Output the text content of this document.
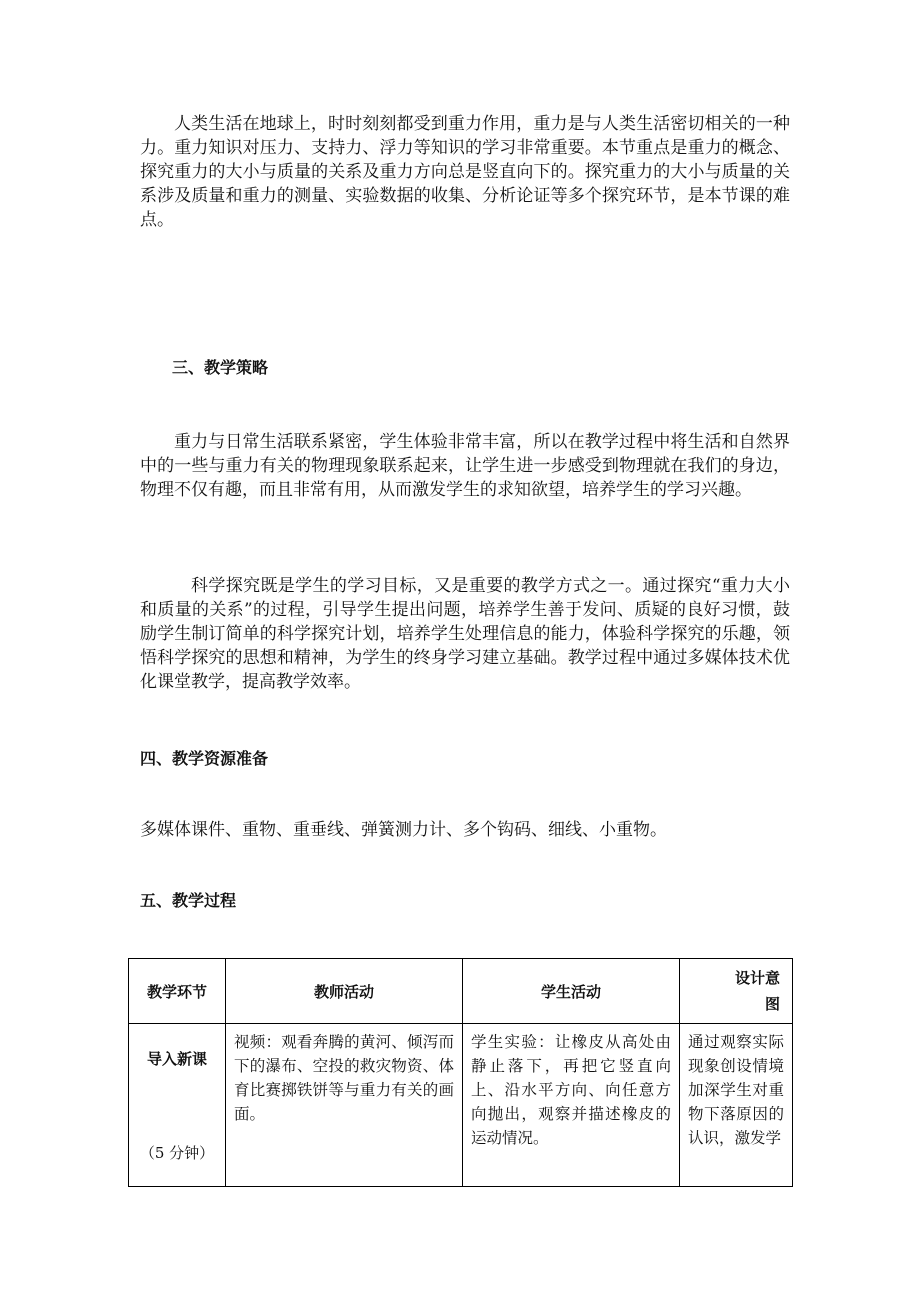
人类生活在地球上，时时刻刻都受到重力作用，重力是与人类生活密切相关的一种力。重力知识对压力、支持力、浮力等知识的学习非常重要。本节重点是重力的概念、探究重力的大小与质量的关系及重力方向总是竖直向下的。探究重力的大小与质量的关系涉及质量和重力的测量、实验数据的收集、分析论证等多个探究环节，是本节课的难点。

三、教学策略

重力与日常生活联系紧密，学生体验非常丰富，所以在教学过程中将生活和自然界中的一些与重力有关的物理现象联系起来，让学生进一步感受到物理就在我们的身边，物理不仅有趣，而且非常有用，从而激发学生的求知欲望，培养学生的学习兴趣。

科学探究既是学生的学习目标，又是重要的教学方式之一。通过探究“重力大小和质量的关系”的过程，引导学生提出问题，培养学生善于发问、质疑的良好习惯，鼓励学生制订简单的科学探究计划，培养学生处理信息的能力，体验科学探究的乐趣，领悟科学探究的思想和精神，为学生的终身学习建立基础。教学过程中通过多媒体技术优化课堂教学，提高教学效率。

四、教学资源准备

多媒体课件、重物、重垂线、弹簧测力计、多个钩码、细线、小重物。

五、教学过程
教学环节	教师活动	学生活动	设计意
图

导入新课
（5 分钟）	视频：观看奔腾的黄河、倾泻而下的瀑布、空投的救灾物资、体育比赛掷铁饼等与重力有关的画面。	学生实验：让橡皮从高处由静止落下，再把它竖直向上、沿水平方向、向任意方向抛出，观察并描述橡皮的运动情况。	通过观察实际现象创设情境加深学生对重物下落原因的认识，激发学
